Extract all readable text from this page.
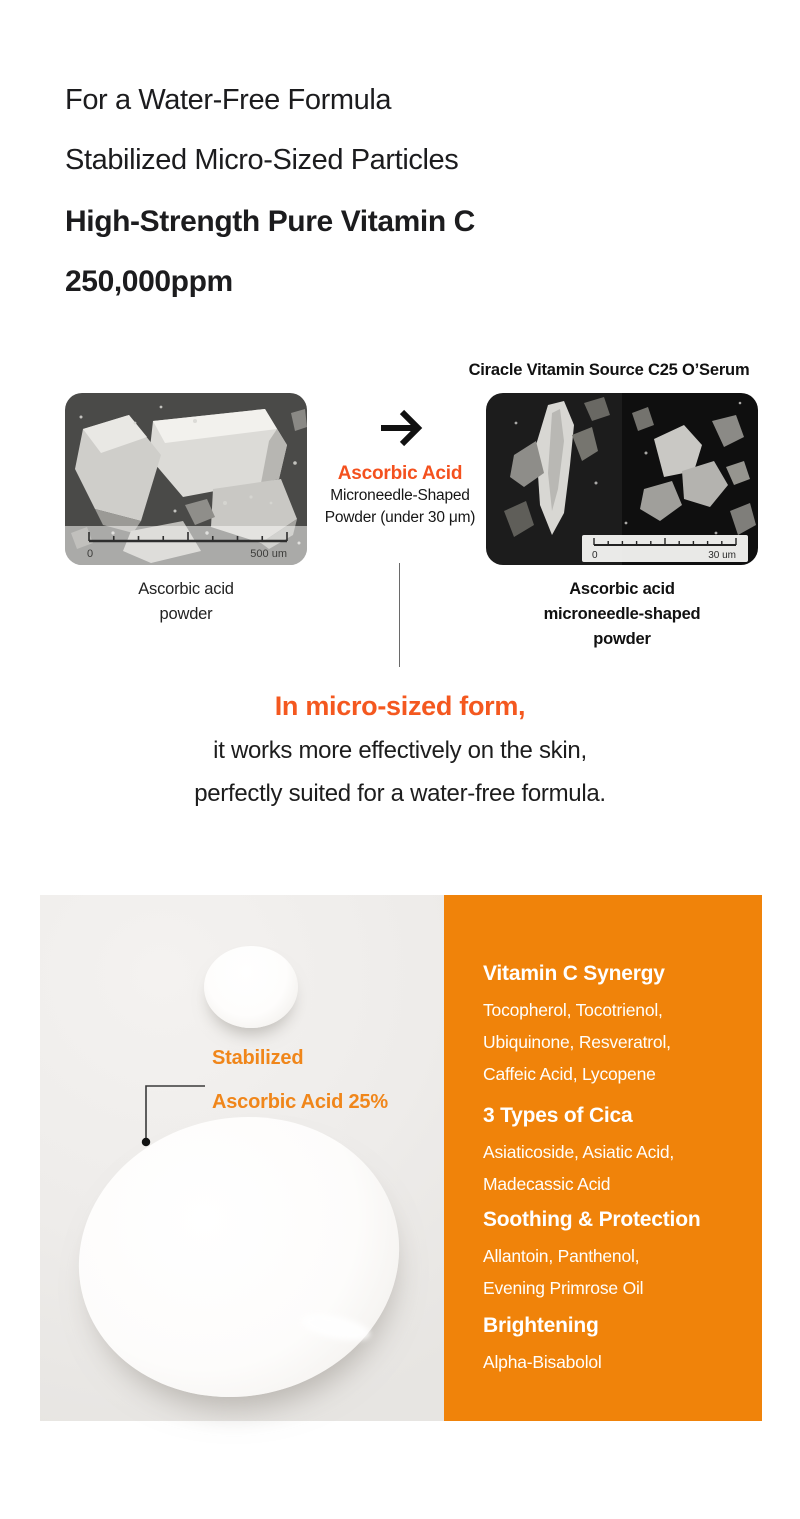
For a Water-Free Formula
Stabilized Micro-Sized Particles
High-Strength Pure Vitamin C
250,000ppm
Ciracle Vitamin Source C25 O’Serum
0	500 um	0	30 um
Ascorbic Acid
Microneedle-Shaped
Powder (under 30 μm)
Ascorbic acid
powder
Ascorbic acid
microneedle-shaped
powder
In micro-sized form,
it works more effectively on the skin,
perfectly suited for a water-free formula.
Stabilized
Ascorbic Acid 25%
Vitamin C Synergy
Tocopherol, Tocotrienol,
Ubiquinone, Resveratrol,
Caffeic Acid, Lycopene
3 Types of Cica
Asiaticoside, Asiatic Acid,
Madecassic Acid
Soothing & Protection
Allantoin, Panthenol,
Evening Primrose Oil
Brightening
Alpha-Bisabolol
